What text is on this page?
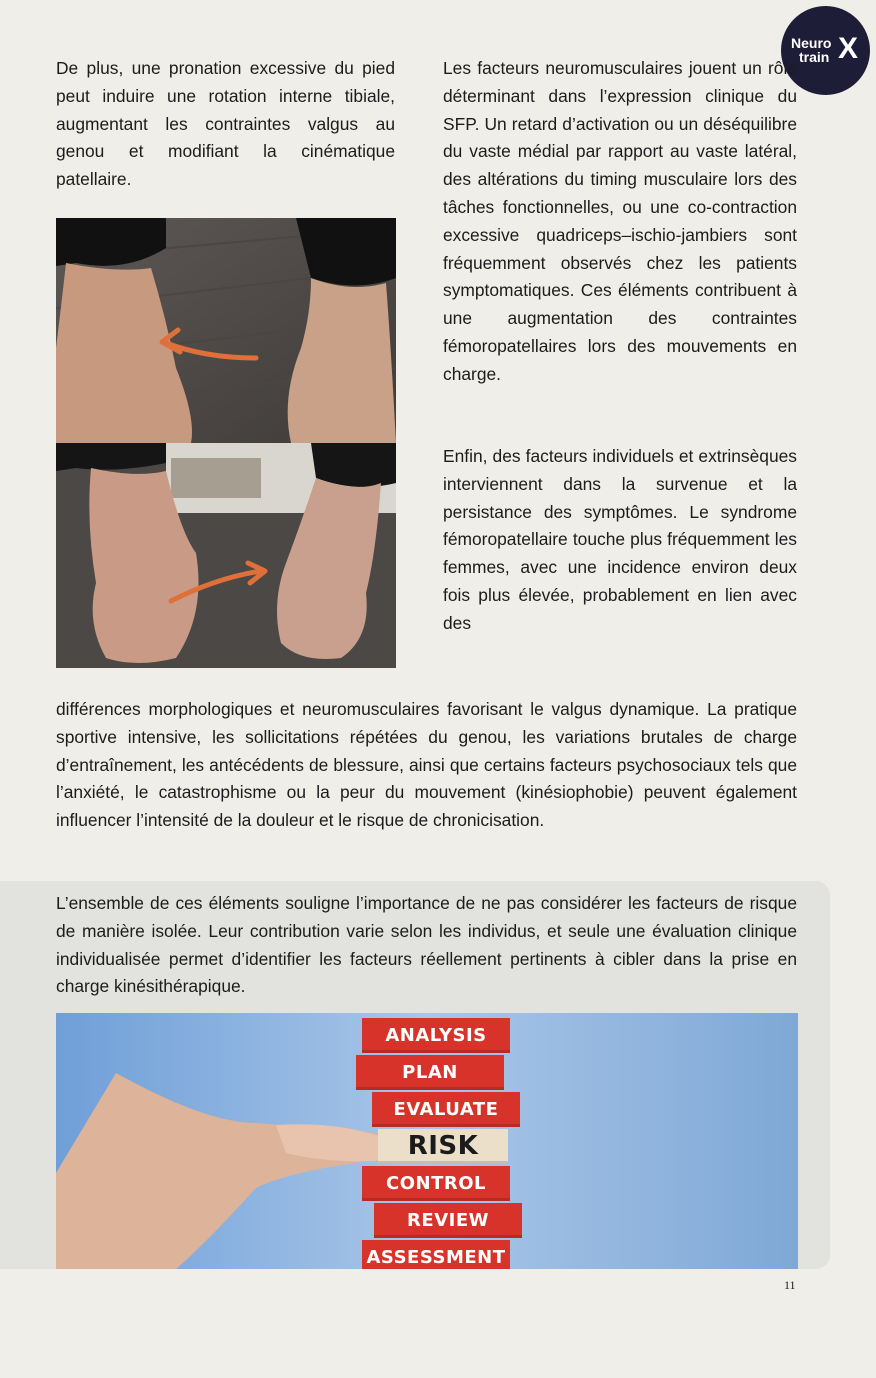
Neuro
train X

De plus, une pronation excessive du pied peut induire une rotation interne tibiale, augmentant les contraintes valgus au genou et modifiant la cinématique patellaire.

Les facteurs neuromusculaires jouent un rôle déterminant dans l’expression clinique du SFP. Un retard d’activation ou un déséquilibre du vaste médial par rapport au vaste latéral, des altérations du timing musculaire lors des tâches fonctionnelles, ou une co-contraction excessive quadriceps–ischio-jambiers sont fréquemment observés chez les patients symptomatiques. Ces éléments contribuent à une augmentation des contraintes fémoropatellaires lors des mouvements en charge.

Enfin, des facteurs individuels et extrinsèques interviennent dans la survenue et la persistance des symptômes. Le syndrome fémoropatellaire touche plus fréquemment les femmes, avec une incidence environ deux fois plus élevée, probablement en lien avec des

différences morphologiques et neuromusculaires favorisant le valgus dynamique. La pratique sportive intensive, les sollicitations répétées du genou, les variations brutales de charge d’entraînement, les antécédents de blessure, ainsi que certains facteurs psychosociaux tels que l’anxiété, le catastrophisme ou la peur du mouvement (kinésiophobie) peuvent également influencer l’intensité de la douleur et le risque de chronicisation.

L’ensemble de ces éléments souligne l’importance de ne pas considérer les facteurs de risque de manière isolée. Leur contribution varie selon les individus, et seule une évaluation clinique individualisée permet d’identifier les facteurs réellement pertinents à cibler dans la prise en charge kinésithérapique.

ANALYSIS
PLAN
EVALUATE
RISK
CONTROL
REVIEW
ASSESSMENT
11
